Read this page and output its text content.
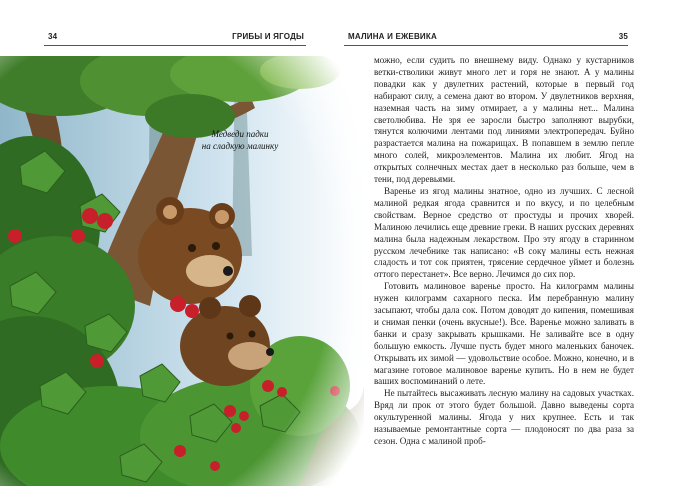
34	ГРИБЫ И ЯГОДЫ	МАЛИНА И ЕЖЕВИКА	35
Медведи падки
на сладкую малинку

можно, если судить по внешнему виду. Однако у кустарников ветки-стволики живут много лет и горя не знают. А у малины повадки как у двулетних растений, которые в первый год набирают силу, а семена дают во втором. У двулетников верхняя, наземная часть на зиму отмирает, а у малины нет... Малина светолюбива. Не зря ее заросли быстро заполняют вырубки, тянутся колючими лентами под линиями электропередач. Буйно разрастается малина на пожарищах. В попавшем в землю пепле много солей, микроэлементов. Малина их любит. Ягод на открытых солнечных местах дает в несколько раз больше, чем в тени, под деревьями.

Варенье из ягод малины знатное, одно из лучших. С лесной малиной редкая ягода сравнится и по вкусу, и по целебным свойствам. Верное средство от простуды и прочих хворей. Малиною лечились еще древние греки. В наших русских деревнях малина была надежным лекарством. Про эту ягоду в старинном русском лечебнике так написано: «В сокү малины есть нежная сладость и тот сок приятен, трясение сердечное уймет и болезнь оттого перестанет». Все верно. Лечимся до сих пор.

Готовить малиновое варенье просто. На килограмм малины нужен килограмм сахарного песка. Им перебранную малину засыпают, чтобы дала сок. Потом доводят до кипения, помешивая и снимая пенки (очень вкусные!). Все. Варенье можно заливать в банки и сразу закрывать крышками. Не заливайте все в одну большую емкость. Лучше пусть будет много маленьких баночек. Открывать их зимой — удовольствие особое. Можно, конечно, и в магазине готовое малиновое варенье купить. Но в нем не будет ваших воспоминаний о лете.

Не пытайтесь высаживать лесную малину на садовых участках. Вряд ли прок от этого будет большой. Давно выведены сорта окультуренной малины. Ягода у них крупнее. Есть и так называемые ремонтантные сорта — плодоносят по два раза за сезон. Одна с малиной проб-
